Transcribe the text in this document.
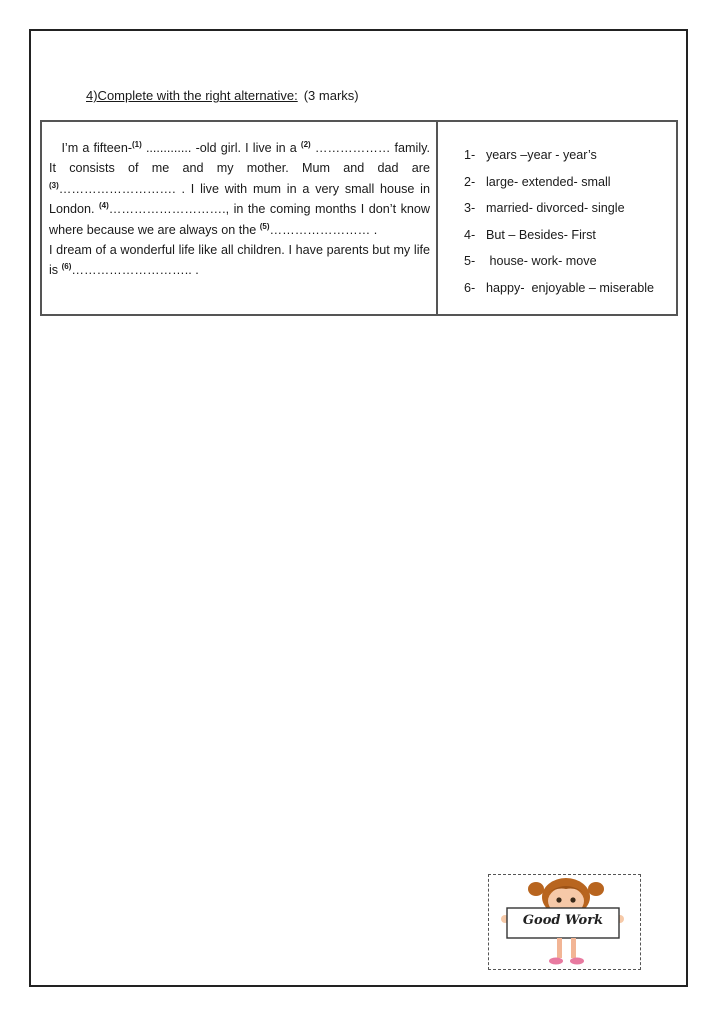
4)Complete with the right alternative: (3 marks)

I’m a fifteen-$^{(1)}$ ............. -old girl. I live in a $^{(2)}$ ……………… family. It consists of me and my mother. Mum and dad are $^{(3)}$………………………. . I live with mum in a very small house in London. $^{(4)}$………………………., in the coming months I don’t know where because we are always on the $^{(5)}$…………………… .

I dream of a wonderful life like all children. I have parents but my life is $^{(6)}$……………………….. .

1- years –year - year’s
2- large- extended- small
3- married- divorced- single
4- But – Besides- First
5- house- work- move
6- happy-  enjoyable – miserable
Good Work
